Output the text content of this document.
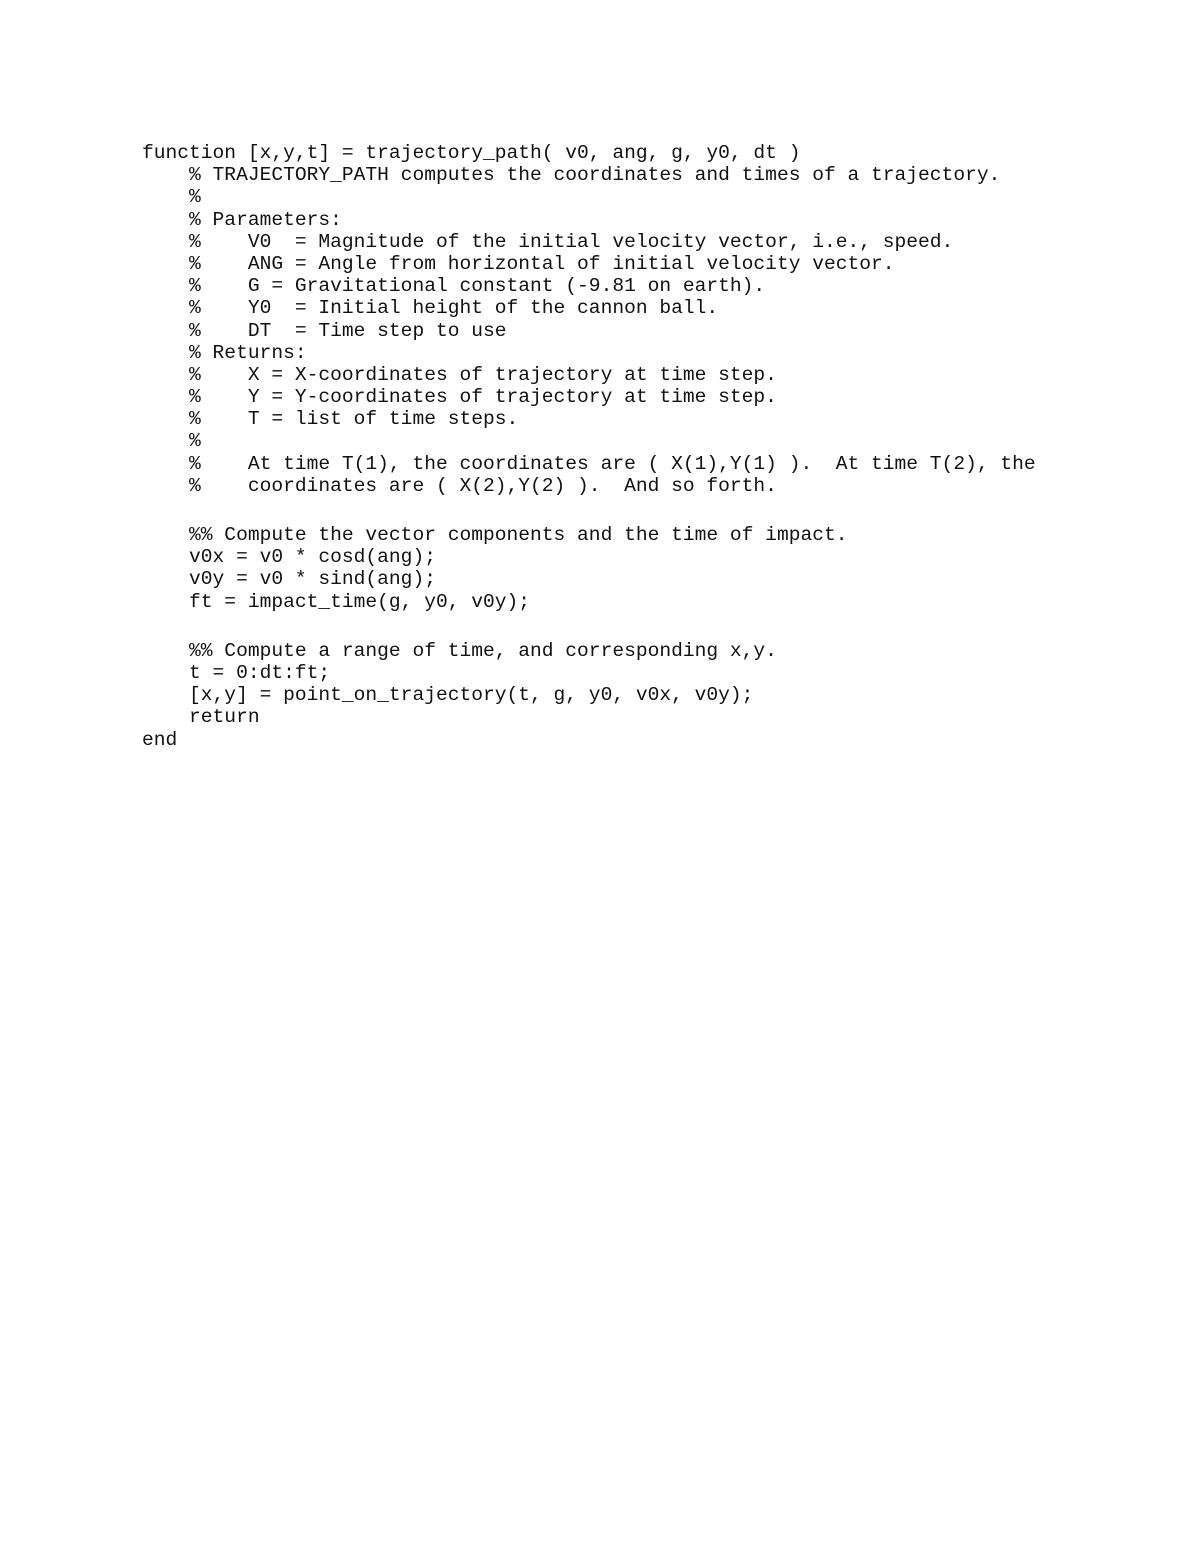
function [x,y,t] = trajectory_path( v0, ang, g, y0, dt )
% TRAJECTORY_PATH computes the coordinates and times of a trajectory.
%
% Parameters:
%    V0  = Magnitude of the initial velocity vector, i.e., speed.
%    ANG = Angle from horizontal of initial velocity vector.
%    G = Gravitational constant (-9.81 on earth).
%    Y0  = Initial height of the cannon ball.
%    DT  = Time step to use
% Returns:
%    X = X-coordinates of trajectory at time step.
%    Y = Y-coordinates of trajectory at time step.
%    T = list of time steps.
%
%    At time T(1), the coordinates are ( X(1),Y(1) ).  At time T(2), the
%    coordinates are ( X(2),Y(2) ).  And so forth.
%% Compute the vector components and the time of impact.
v0x = v0 * cosd(ang);
v0y = v0 * sind(ang);
ft = impact_time(g, y0, v0y);
%% Compute a range of time, and corresponding x,y.
t = 0:dt:ft;
[x,y] = point_on_trajectory(t, g, y0, v0x, v0y);
return
end
